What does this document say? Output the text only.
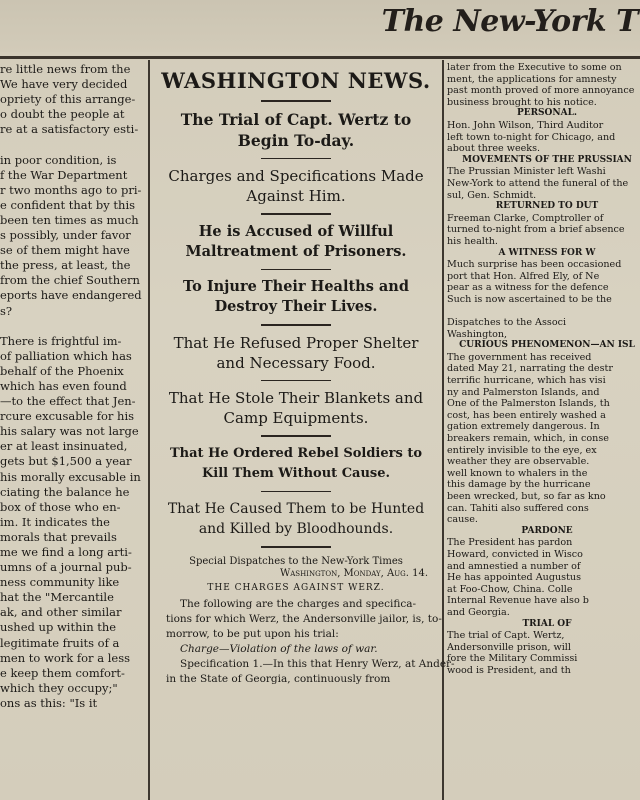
The New-York T
re little news from the
We have very decided
opriety of this arrange-
o doubt the people at
re at a satisfactory esti-

in poor condition, is
f the War Department
r two months ago to pri-
e confident that by this
been ten times as much
s possibly, under favor
se of them might have
the press, at least, the
from the chief Southern
eports have endangered
s?

There is frightful im-
of palliation which has
behalf of the Phoenix
which has even found
—to the effect that Jen-
rcure excusable for his
his salary was not large
er at least insinuated,
gets but $1,500 a year
his morally excusable in
ciating the balance he
box of those who en-
im. It indicates the
morals that prevails
me we find a long arti-
umns of a journal pub-
ness community like
hat the "Mercantile
ak, and other similar
ushed up within the
legitimate fruits of a
men to work for a less
e keep them comfort-
which they occupy;"
ons as this: "Is it
WASHINGTON NEWS.
The Trial of Capt. Wertz to Begin To-day.
Charges and Specifications Made Against Him.
He is Accused of Willful Maltreatment of Prisoners.
To Injure Their Healths and Destroy Their Lives.
That He Refused Proper Shelter and Necessary Food.
That He Stole Their Blankets and Camp Equipments.
That He Ordered Rebel Soldiers to Kill Them Without Cause.
That He Caused Them to be Hunted and Killed by Bloodhounds.
Special Dispatches to the New-York Times
Washington, Monday, Aug. 14.
THE CHARGES AGAINST WERZ.
The following are the charges and specifica-
tions for which Werz, the Andersonville jailor, is, to-
morrow, to be put upon his trial:
Charge—Violation of the laws of war.
Specification 1.—In this that Henry Werz, at Ander-
in the State of Georgia, continuously from
later from the Executive to some on
ment, the applications for amnesty
past month proved of more annoyance
business brought to his notice.
PERSONAL.
Hon. John Wilson, Third Auditor
left town to-night for Chicago, and
about three weeks.
MOVEMENTS OF THE PRUSSIAN
The Prussian Minister left Washi
New-York to attend the funeral of the
sul, Gen. Schmidt.
RETURNED TO DUT
Freeman Clarke, Comptroller of
turned to-night from a brief absence
his health.
A WITNESS FOR W
Much surprise has been occasioned
port that Hon. Alfred Ely, of Ne
pear as a witness for the defence
Such is now ascertained to be the

Dispatches to the Associ
Washington,
CURIOUS PHENOMENON—AN ISL
The government has received
dated May 21, narrating the destr
terrific hurricane, which has visi
ny and Palmerston Islands, and
One of the Palmerston Islands, th
cost, has been entirely washed a
gation extremely dangerous. In
breakers remain, which, in conse
entirely invisible to the eye, ex
weather they are observable.
well known to whalers in the
this damage by the hurricane
been wrecked, but, so far as kno
can. Tahiti also suffered cons
cause.
PARDONE
The President has pardon
Howard, convicted in Wisco
and amnestied a number of
He has appointed Augustus
at Foo-Chow, China. Colle
Internal Revenue have also b
and Georgia.
TRIAL OF
The trial of Capt. Wertz,
Andersonville prison, will
fore the Military Commissi
wood is President, and th
